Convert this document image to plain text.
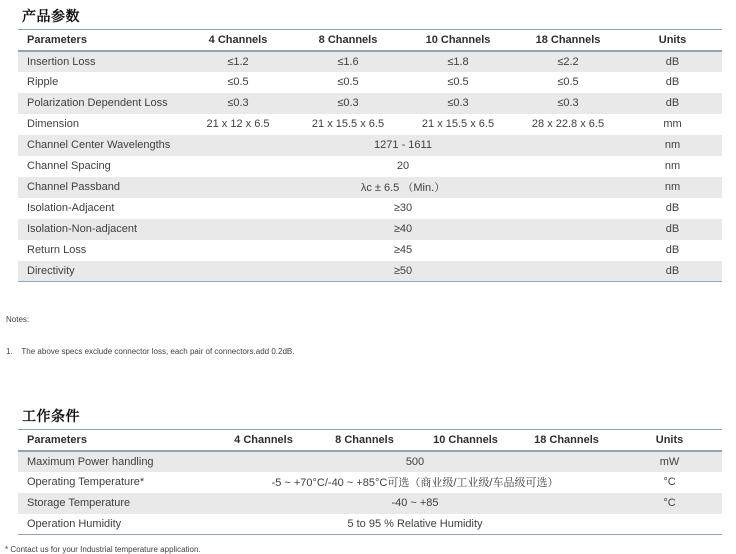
产品参数
Parameters	4 Channels	8 Channels	10 Channels	18 Channels	Units
Insertion Loss	≤1.2	≤1.6	≤1.8	≤2.2	dB
Ripple	≤0.5	≤0.5	≤0.5	≤0.5	dB
Polarization Dependent Loss	≤0.3	≤0.3	≤0.3	≤0.3	dB
Dimension	21 x 12 x 6.5	21 x 15.5 x 6.5	21 x 15.5 x 6.5	28 x 22.8 x 6.5	mm
Channel Center Wavelengths	1271 - 1611				nm
Channel Spacing	20				nm
Channel Passband	λc ± 6.5 （Min.）				nm
Isolation-Adjacent	≥30				dB
Isolation-Non-adjacent	≥40				dB
Return Loss	≥45				dB
Directivity	≥50				dB

Notes:

1.    The above specs exclude connector loss, each pair of connectors.add 0.2dB.

工作条件
Parameters	4 Channels	8 Channels	10 Channels	18 Channels	Units
Maximum Power handling	500				mW
Operating Temperature*	-5 ~ +70°C/-40 ~ +85°C可选（商业级/工业级/车品级可选）				°C
Storage Temperature	-40 ~ +85				°C
Operation Humidity	5 to 95 % Relative Humidity				
* Contact us for your Industrial temperature application.
